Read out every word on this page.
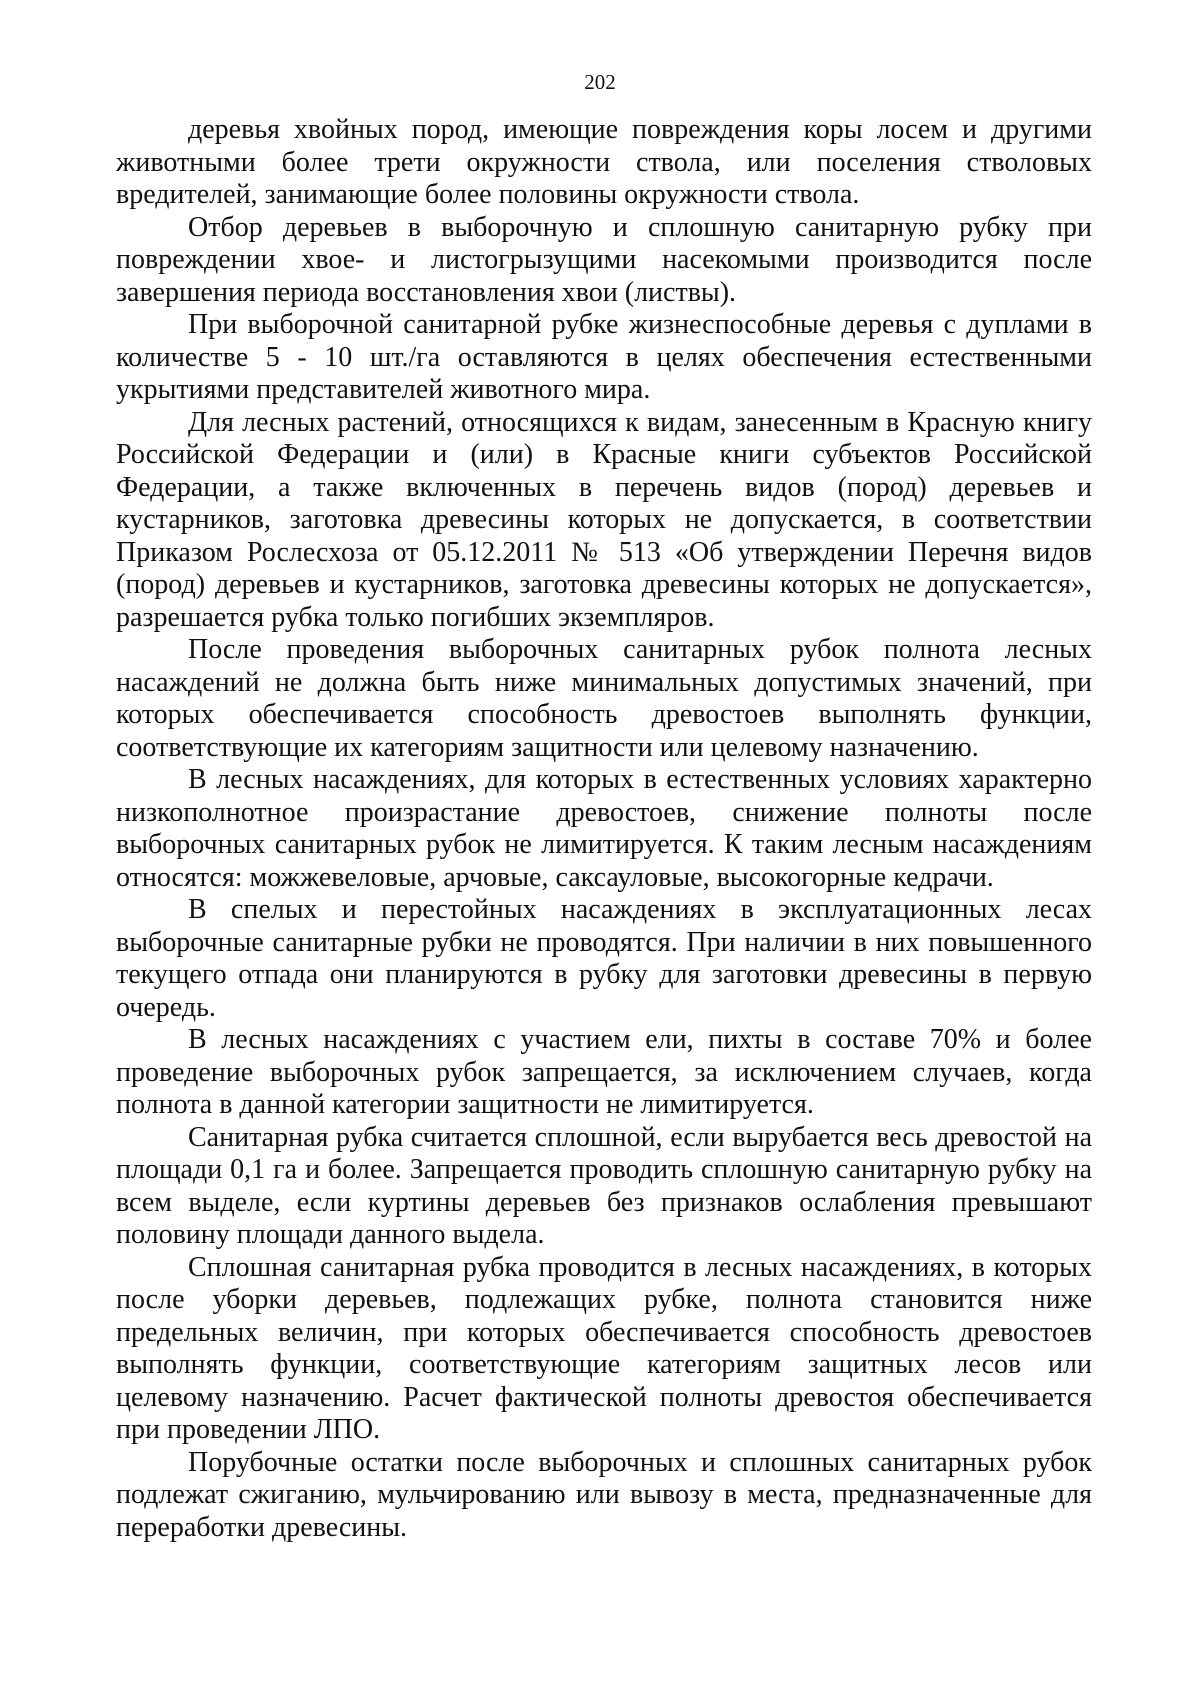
202

деревья хвойных пород, имеющие повреждения коры лосем и другими животными более трети окружности ствола, или поселения стволовых вредителей, занимающие более половины окружности ствола.

Отбор деревьев в выборочную и сплошную санитарную рубку при повреждении хвое- и листогрызущими насекомыми производится после завершения периода восстановления хвои (листвы).

При выборочной санитарной рубке жизнеспособные деревья с дуплами в количестве 5 - 10 шт./га оставляются в целях обеспечения естественными укрытиями представителей животного мира.

Для лесных растений, относящихся к видам, занесенным в Красную книгу Российской Федерации и (или) в Красные книги субъектов Российской Федерации, а также включенных в перечень видов (пород) деревьев и кустарников, заготовка древесины которых не допускается, в соответствии Приказом Рослесхоза от 05.12.2011 № 513 «Об утверждении Перечня видов (пород) деревьев и кустарников, заготовка древесины которых не допускается», разрешается рубка только погибших экземпляров.

После проведения выборочных санитарных рубок полнота лесных насаждений не должна быть ниже минимальных допустимых значений, при которых обеспечивается способность древостоев выполнять функции, соответствующие их категориям защитности или целевому назначению.

В лесных насаждениях, для которых в естественных условиях характерно низкополнотное произрастание древостоев, снижение полноты после выборочных санитарных рубок не лимитируется. К таким лесным насаждениям относятся: можжевеловые, арчовые, саксауловые, высокогорные кедрачи.

В спелых и перестойных насаждениях в эксплуатационных лесах выборочные санитарные рубки не проводятся. При наличии в них повышенного текущего отпада они планируются в рубку для заготовки древесины в первую очередь.

В лесных насаждениях с участием ели, пихты в составе 70% и более проведение выборочных рубок запрещается, за исключением случаев, когда полнота в данной категории защитности не лимитируется.

Санитарная рубка считается сплошной, если вырубается весь древостой на площади 0,1 га и более. Запрещается проводить сплошную санитарную рубку на всем выделе, если куртины деревьев без признаков ослабления превышают половину площади данного выдела.

Сплошная санитарная рубка проводится в лесных насаждениях, в которых после уборки деревьев, подлежащих рубке, полнота становится ниже предельных величин, при которых обеспечивается способность древостоев выполнять функции, соответствующие категориям защитных лесов или целевому назначению. Расчет фактической полноты древостоя обеспечивается при проведении ЛПО.

Порубочные остатки после выборочных и сплошных санитарных рубок подлежат сжиганию, мульчированию или вывозу в места, предназначенные для переработки древесины.
